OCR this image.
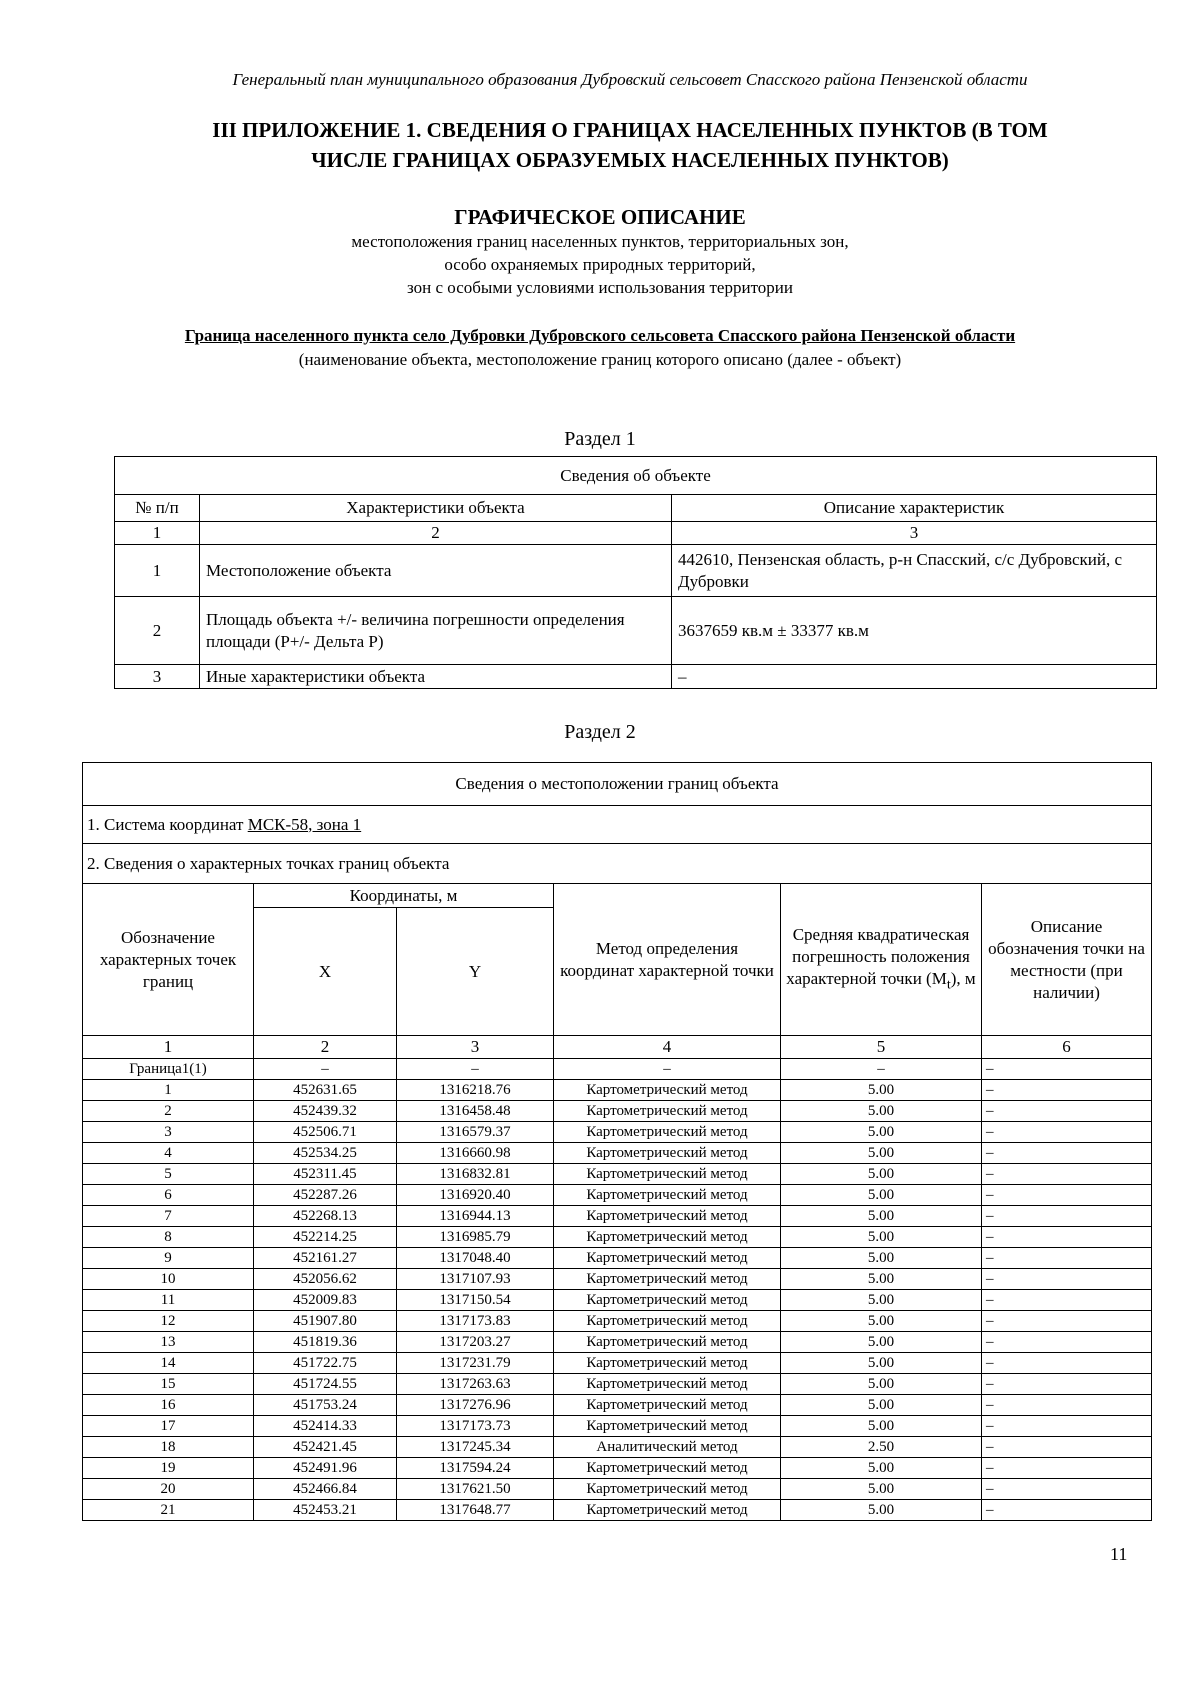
Генеральный план муниципального образования Дубровский сельсовет Спасского района Пензенской области
III ПРИЛОЖЕНИЕ 1. СВЕДЕНИЯ О ГРАНИЦАХ НАСЕЛЕННЫХ ПУНКТОВ (В ТОМ
ЧИСЛЕ ГРАНИЦАХ ОБРАЗУЕМЫХ НАСЕЛЕННЫХ ПУНКТОВ)
ГРАФИЧЕСКОЕ ОПИСАНИЕ
местоположения границ населенных пунктов, территориальных зон,
особо охраняемых природных территорий,
зон с особыми условиями использования территории
Граница населенного пункта село Дубровки Дубровского сельсовета Спасского района Пензенской области
(наименование объекта, местоположение границ которого описано (далее - объект)
Раздел 1
Сведения об объекте		
№ п/п	Характеристики объекта	Описание характеристик
1	2	3
1	Местоположение объекта	442610, Пензенская область, р-н Спасский, с/с Дубровский, с Дубровки
2	Площадь объекта +/- величина погрешности определения площади (P+/- Дельта P)	3637659 кв.м ± 33377 кв.м
3	Иные характеристики объекта	–
Раздел 2
Сведения о местоположении границ объекта					
1. Система координат МСК-58, зона 1					
2. Сведения о характерных точках границ объекта					
Обозначение характерных точек границ	Координаты, м		Метод определения координат характерной точки	Средняя квадратическая погрешность положения характерной точки $(M_t)$, м	Описание обозначения точки на местности (при наличии)
	X	Y			
1	2	3	4	5	6
Граница1(1)	–	–	–	–	–
1	452631.65	1316218.76	Картометрический метод	5.00	–
2	452439.32	1316458.48	Картометрический метод	5.00	–
3	452506.71	1316579.37	Картометрический метод	5.00	–
4	452534.25	1316660.98	Картометрический метод	5.00	–
5	452311.45	1316832.81	Картометрический метод	5.00	–
6	452287.26	1316920.40	Картометрический метод	5.00	–
7	452268.13	1316944.13	Картометрический метод	5.00	–
8	452214.25	1316985.79	Картометрический метод	5.00	–
9	452161.27	1317048.40	Картометрический метод	5.00	–
10	452056.62	1317107.93	Картометрический метод	5.00	–
11	452009.83	1317150.54	Картометрический метод	5.00	–
12	451907.80	1317173.83	Картометрический метод	5.00	–
13	451819.36	1317203.27	Картометрический метод	5.00	–
14	451722.75	1317231.79	Картометрический метод	5.00	–
15	451724.55	1317263.63	Картометрический метод	5.00	–
16	451753.24	1317276.96	Картометрический метод	5.00	–
17	452414.33	1317173.73	Картометрический метод	5.00	–
18	452421.45	1317245.34	Аналитический метод	2.50	–
19	452491.96	1317594.24	Картометрический метод	5.00	–
20	452466.84	1317621.50	Картометрический метод	5.00	–
21	452453.21	1317648.77	Картометрический метод	5.00	–
11
